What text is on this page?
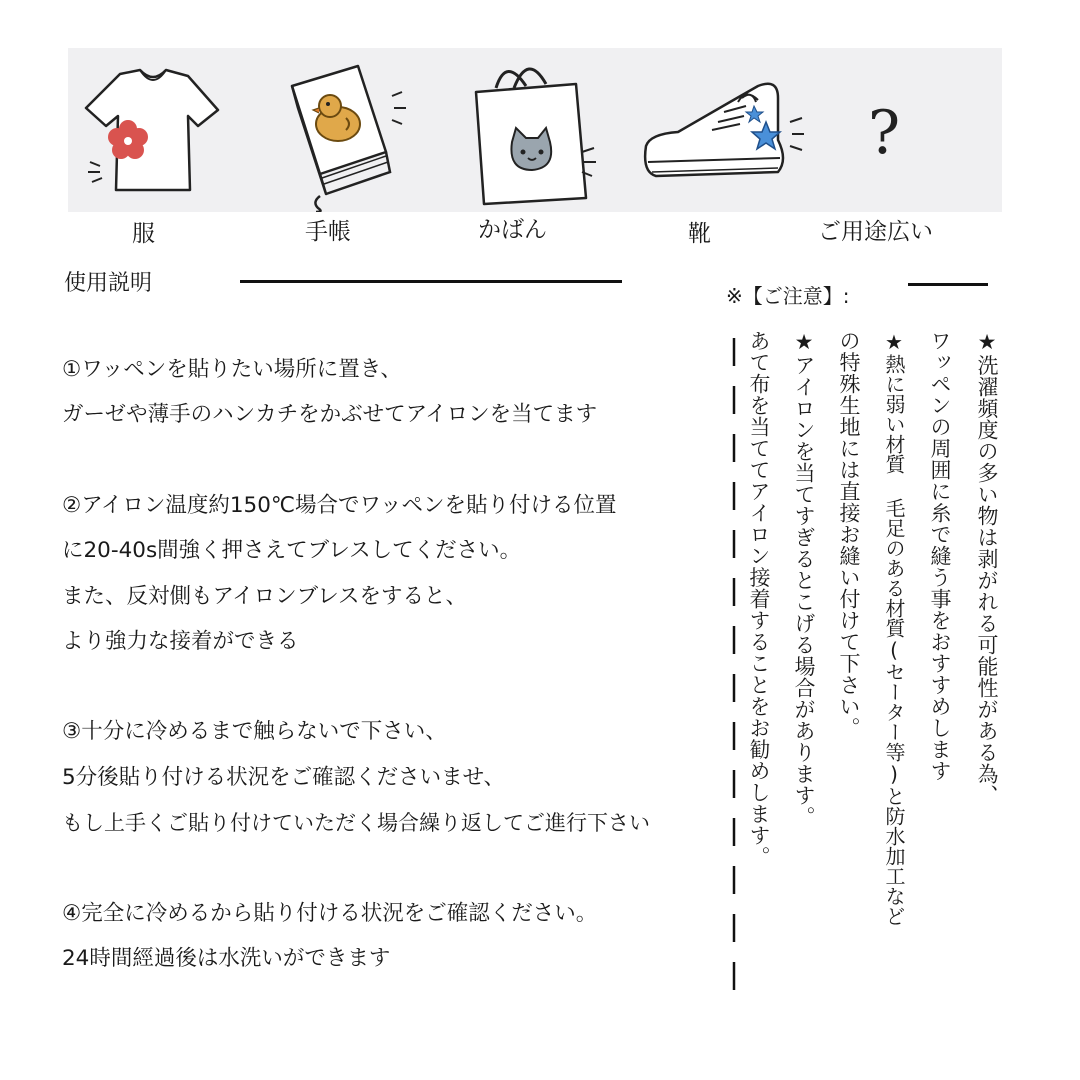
?
服	手帳	かばん	靴	ご用途広い
使用説明
①ワッペンを貼りたい場所に置き、
ガーゼや薄手のハンカチをかぶせてアイロンを当てます
②アイロン温度約150℃場合でワッペンを貼り付ける位置
に20-40s間強く押さえてブレスしてください。
また、反対側もアイロンブレスをすると、
より強力な接着ができる
③十分に冷めるまで触らないで下さい、
5分後貼り付ける状況をご確認くださいませ、
もし上手くご貼り付けていただく場合繰り返してご進行下さい
④完全に冷めるから貼り付ける状況をご確認ください。
24時間經過後は水洗いができます
※【ご注意】:
★洗濯頻度の多い物は剥がれる可能性がある為、
ワッペンの周囲に糸で縫う事をおすすめします
★熱に弱い材質 毛足のある材質(セーター等)と防水加工など
の特殊生地には直接お縫い付けて下さい。
★アイロンを当てすぎるとこげる場合があります。
あて布を当ててアイロン接着することをお勧めします。
